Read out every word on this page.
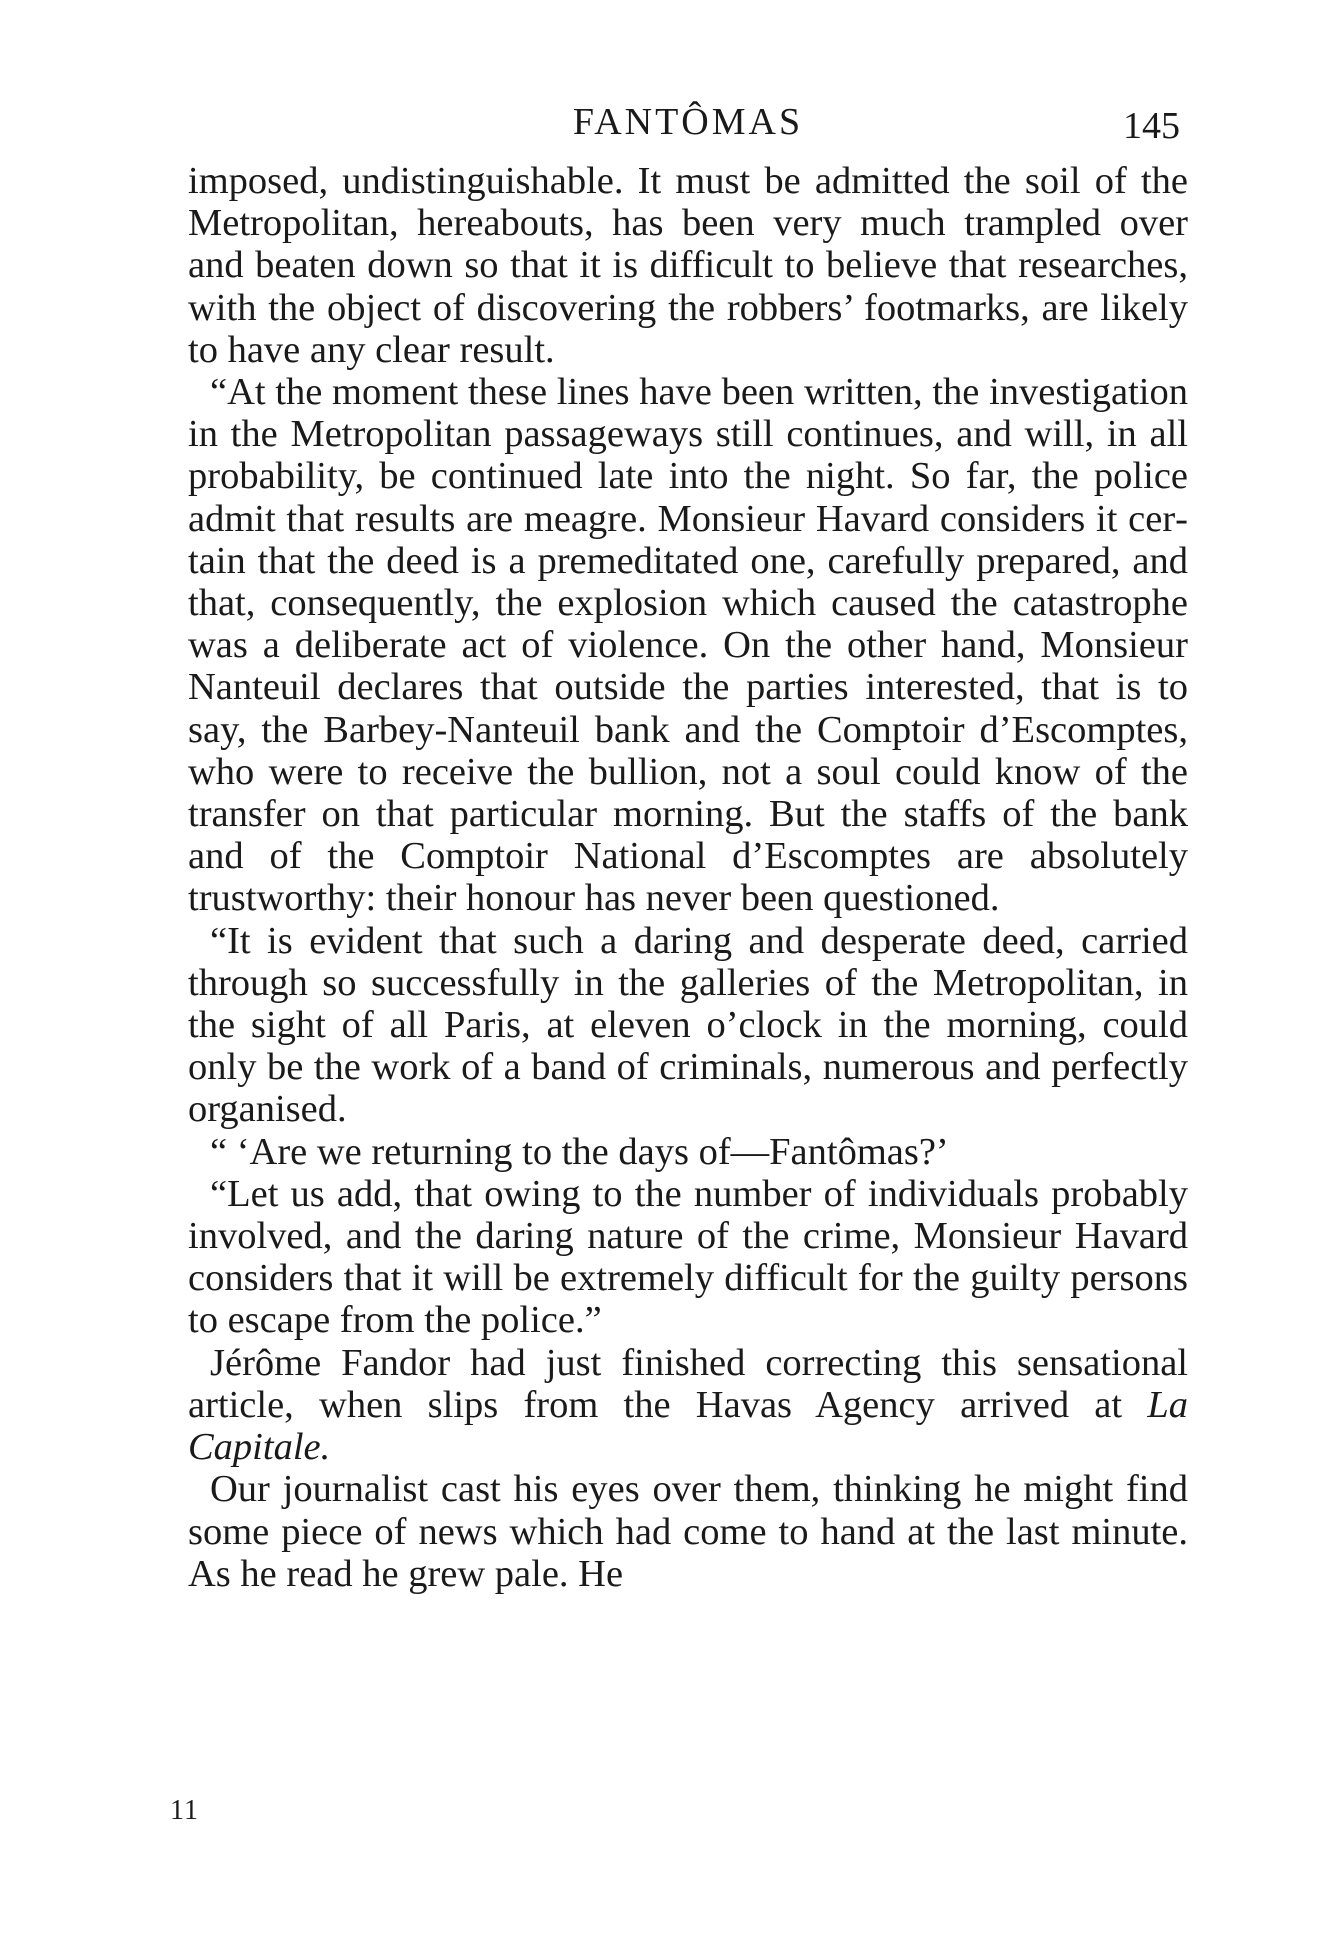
FANTÔMAS	145

imposed, undistinguishable. It must be admitted the soil of the Metropolitan, hereabouts, has been very much trampled over and beaten down so that it is difficult to believe that researches, with the object of discovering the robbers’ footmarks, are likely to have any clear result.

“At the moment these lines have been written, the investigation in the Metropolitan passageways still continues, and will, in all probability, be continued late into the night. So far, the police admit that results are meagre. Monsieur Havard considers it certain that the deed is a premeditated one, carefully prepared, and that, consequently, the explosion which caused the catastrophe was a deliberate act of violence. On the other hand, Monsieur Nanteuil declares that outside the parties interested, that is to say, the Barbey-Nanteuil bank and the Comptoir d’Escomptes, who were to receive the bullion, not a soul could know of the transfer on that particular morning. But the staffs of the bank and of the Comptoir National d’Escomptes are absolutely trustworthy: their honour has never been questioned.

“It is evident that such a daring and desperate deed, carried through so successfully in the galleries of the Metropolitan, in the sight of all Paris, at eleven o’clock in the morning, could only be the work of a band of criminals, numerous and perfectly organised.

“ ‘Are we returning to the days of—Fantômas?’

“Let us add, that owing to the number of individuals probably involved, and the daring nature of the crime, Monsieur Havard considers that it will be extremely difficult for the guilty persons to escape from the police.”

Jérôme Fandor had just finished correcting this sensational article, when slips from the Havas Agency arrived at La Capitale.

Our journalist cast his eyes over them, thinking he might find some piece of news which had come to hand at the last minute. As he read he grew pale. He

11
